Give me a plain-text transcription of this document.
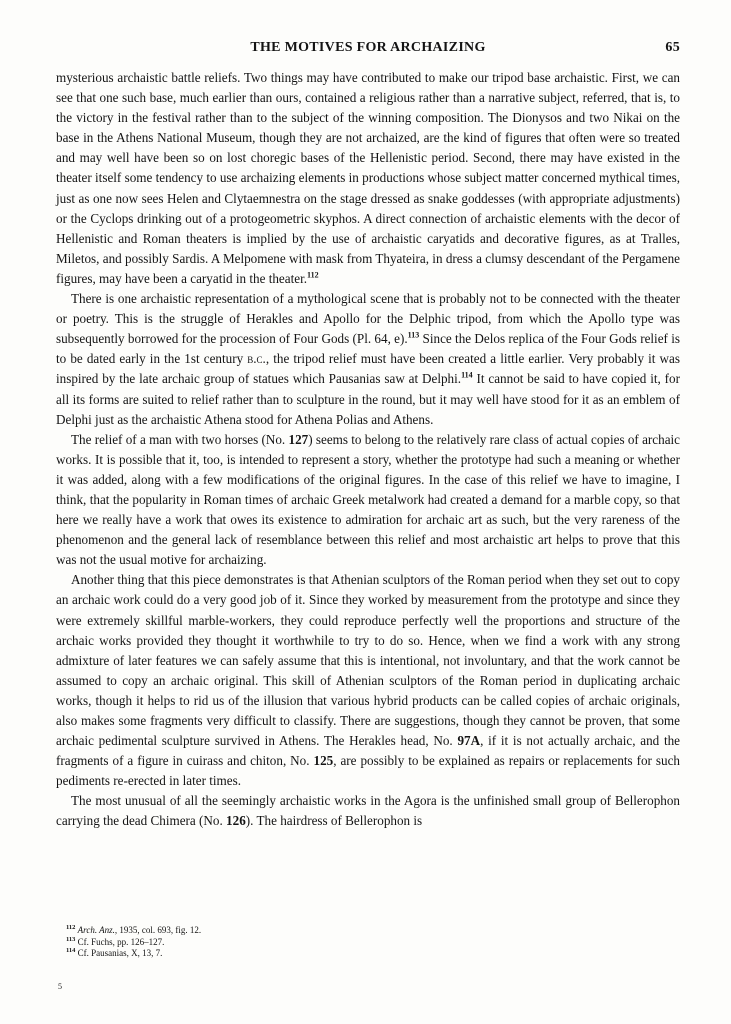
THE MOTIVES FOR ARCHAIZING	65

mysterious archaistic battle reliefs. Two things may have contributed to make our tripod base archaistic. First, we can see that one such base, much earlier than ours, contained a religious rather than a narrative subject, referred, that is, to the victory in the festival rather than to the subject of the winning composition. The Dionysos and two Nikai on the base in the Athens National Museum, though they are not archaized, are the kind of figures that often were so treated and may well have been so on lost choregic bases of the Hellenistic period. Second, there may have existed in the theater itself some tendency to use archaizing elements in productions whose subject matter concerned mythical times, just as one now sees Helen and Clytaemnestra on the stage dressed as snake goddesses (with appropriate adjustments) or the Cyclops drinking out of a protogeometric skyphos. A direct connection of archaistic elements with the decor of Hellenistic and Roman theaters is implied by the use of archaistic caryatids and decorative figures, as at Tralles, Miletos, and possibly Sardis. A Melpomene with mask from Thyateira, in dress a clumsy descendant of the Pergamene figures, may have been a caryatid in the theater.$^{112}$

There is one archaistic representation of a mythological scene that is probably not to be connected with the theater or poetry. This is the struggle of Herakles and Apollo for the Delphic tripod, from which the Apollo type was subsequently borrowed for the procession of Four Gods (Pl. 64, e).$^{113}$ Since the Delos replica of the Four Gods relief is to be dated early in the 1st century b.c., the tripod relief must have been created a little earlier. Very probably it was inspired by the late archaic group of statues which Pausanias saw at Delphi.$^{114}$ It cannot be said to have copied it, for all its forms are suited to relief rather than to sculpture in the round, but it may well have stood for it as an emblem of Delphi just as the archaistic Athena stood for Athena Polias and Athens.

The relief of a man with two horses (No. 127) seems to belong to the relatively rare class of actual copies of archaic works. It is possible that it, too, is intended to represent a story, whether the prototype had such a meaning or whether it was added, along with a few modifications of the original figures. In the case of this relief we have to imagine, I think, that the popularity in Roman times of archaic Greek metalwork had created a demand for a marble copy, so that here we really have a work that owes its existence to admiration for archaic art as such, but the very rareness of the phenomenon and the general lack of resemblance between this relief and most archaistic art helps to prove that this was not the usual motive for archaizing.

Another thing that this piece demonstrates is that Athenian sculptors of the Roman period when they set out to copy an archaic work could do a very good job of it. Since they worked by measurement from the prototype and since they were extremely skillful marble-workers, they could reproduce perfectly well the proportions and structure of the archaic works provided they thought it worthwhile to try to do so. Hence, when we find a work with any strong admixture of later features we can safely assume that this is intentional, not involuntary, and that the work cannot be assumed to copy an archaic original. This skill of Athenian sculptors of the Roman period in duplicating archaic works, though it helps to rid us of the illusion that various hybrid products can be called copies of archaic originals, also makes some fragments very difficult to classify. There are suggestions, though they cannot be proven, that some archaic pedimental sculpture survived in Athens. The Herakles head, No. 97A, if it is not actually archaic, and the fragments of a figure in cuirass and chiton, No. 125, are possibly to be explained as repairs or replacements for such pediments re-erected in later times.

The most unusual of all the seemingly archaistic works in the Agora is the unfinished small group of Bellerophon carrying the dead Chimera (No. 126). The hairdress of Bellerophon is

$^{112}$ Arch. Anz., 1935, col. 693, fig. 12.
$^{113}$ Cf. Fuchs, pp. 126–127.
$^{114}$ Cf. Pausanias, X, 13, 7.
5
